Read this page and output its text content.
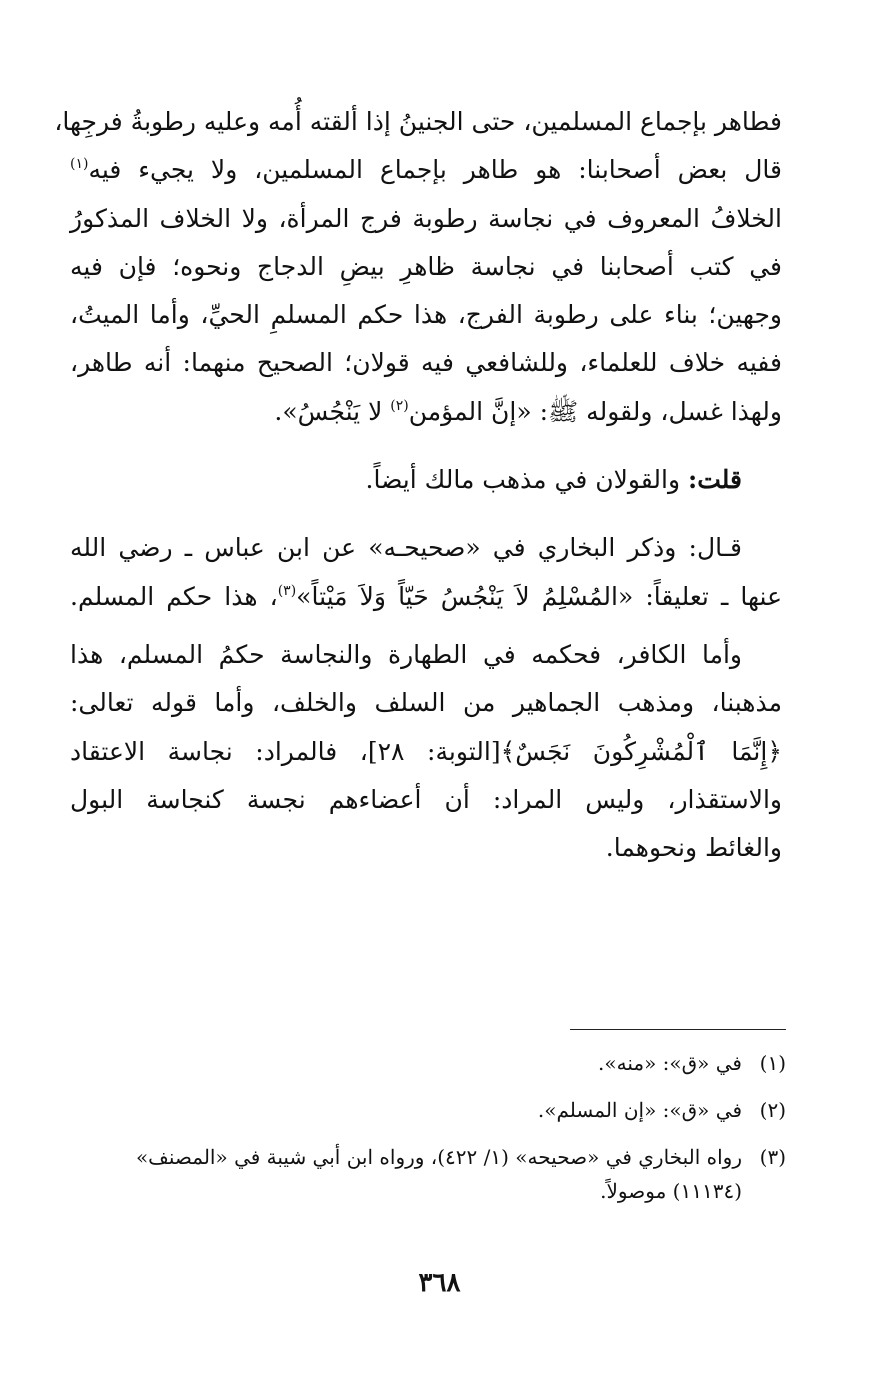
فطاهر بإجماع المسلمين، حتى الجنينُ إذا ألقته أُمه وعليه رطوبةُ فرجِها،
قال بعض أصحابنا: هو طاهر بإجماع المسلمين، ولا يجيء فيه$^{(١)}$
الخلافُ المعروف في نجاسة رطوبة فرج المرأة، ولا الخلاف المذكورُ
في كتب أصحابنا في نجاسة ظاهرِ بيضِ الدجاج ونحوه؛ فإن فيه
وجهين؛ بناء على رطوبة الفرج، هذا حكم المسلمِ الحيِّ، وأما الميتُ،
ففيه خلاف للعلماء، وللشافعي فيه قولان؛ الصحيح منهما: أنه طاهر،
ولهذا غسل، ولقوله ﷺ: «إنَّ المؤمن$^{(٢)}$ لا يَنْجُسُ».

قلت: والقولان في مذهب مالك أيضاً.

قـال: وذكر البخاري في «صحيحـه» عن ابن عباس ـ رضي الله
عنها ـ تعليقاً: «المُسْلِمُ لاَ يَنْجُسُ حَيّاً وَلاَ مَيْتاً»$^{(٣)}$، هذا حكم المسلم.

وأما الكافر، فحكمه في الطهارة والنجاسة حكمُ المسلم، هذا
مذهبنا، ومذهب الجماهير من السلف والخلف، وأما قوله تعالى:
﴿إِنَّمَا ٱلْمُشْرِكُونَ نَجَسٌ﴾[التوبة: ٢٨]، فالمراد: نجاسة الاعتقاد
والاستقذار، وليس المراد: أن أعضاءهم نجسة كنجاسة البول
والغائط ونحوهما.

(١)
في «ق»: «منه».
(٢)
في «ق»: «إن المسلم».
(٣)
رواه البخاري في «صحيحه» (١/ ٤٢٢)، ورواه ابن أبي شيبة في «المصنف»
(١١١٣٤) موصولاً.
٣٦٨
